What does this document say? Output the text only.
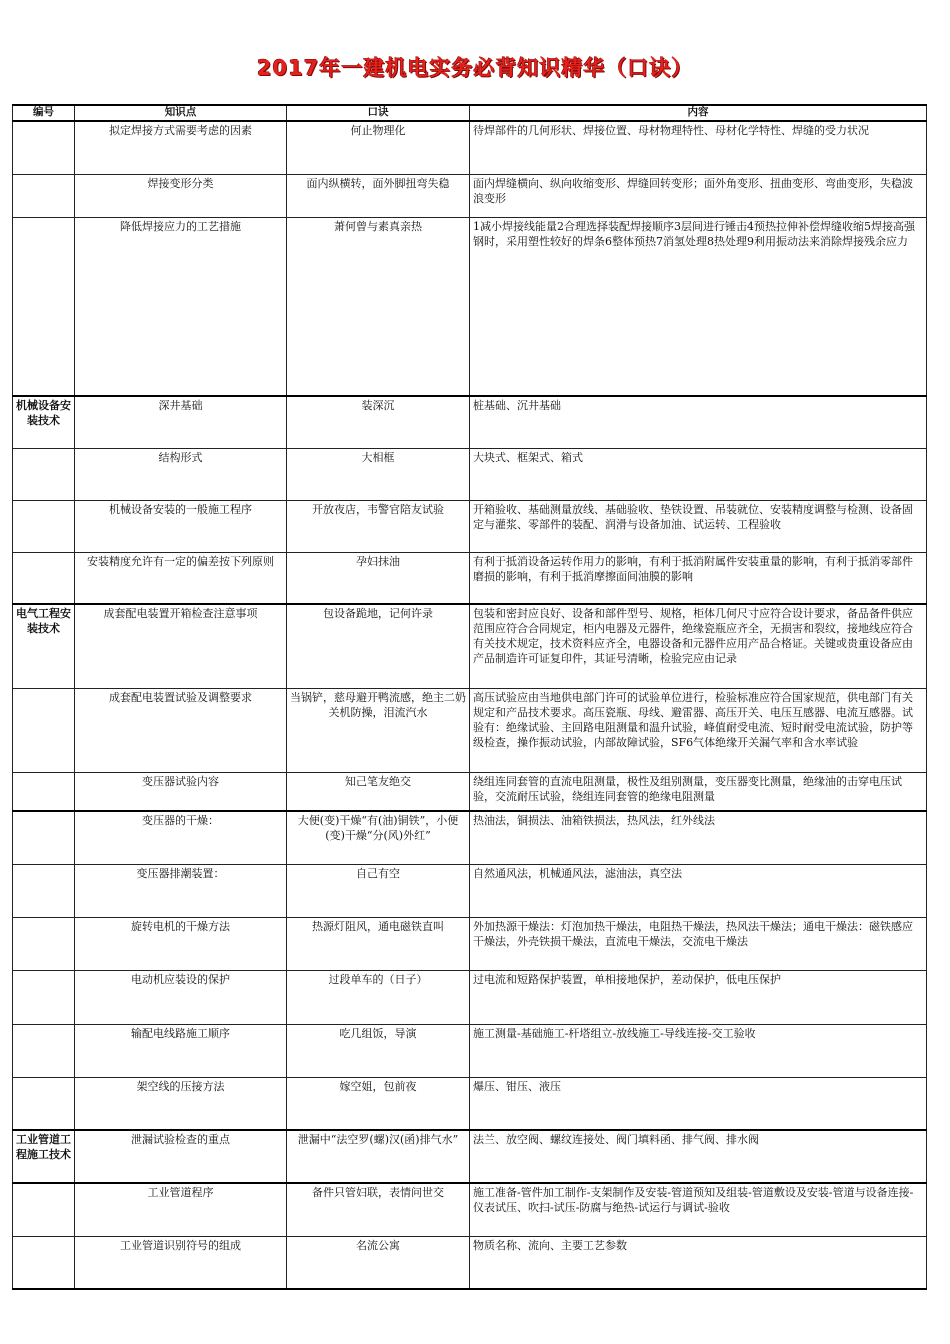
2017年一建机电实务必背知识精华（口诀）
编号	知识点	口诀	内容
	拟定焊接方式需要考虑的因素	何止物理化	待焊部件的几何形状、焊接位置、母材物理特性、母材化学特性、焊缝的受力状况
	焊接变形分类	面内纵横转，面外脚扭弯失稳	面内焊缝横向、纵向收缩变形、焊缝回转变形；面外角变形、扭曲变形、弯曲变形，失稳波浪变形
	降低焊接应力的工艺措施	萧何曾与素真亲热	1减小焊接线能量2合理选择装配焊接顺序3层间进行锤击4预热拉伸补偿焊缝收缩5焊接高强钢时，采用塑性较好的焊条6整体预热7消氢处理8热处理9利用振动法来消除焊接残余应力
机械设备安装技术	深井基础	装深沉	桩基础、沉井基础
	结构形式	大相框	大块式、框架式、箱式
	机械设备安装的一般施工程序	开放夜店，韦警官陪友试验	开箱验收、基础测量放线、基础验收、垫铁设置、吊装就位、安装精度调整与检测、设备固定与灌浆、零部件的装配、润滑与设备加油、试运转、工程验收
	安装精度允许有一定的偏差按下列原则	孕妇抹油	有利于抵消设备运转作用力的影响，有利于抵消附属件安装重量的影响，有利于抵消零部件磨损的影响，有利于抵消摩擦面间油膜的影响
电气工程安装技术	成套配电装置开箱检查注意事项	包设备跪地，记何许录	包装和密封应良好、设备和部件型号、规格，柜体几何尺寸应符合设计要求，备品备件供应范围应符合合同规定，柜内电器及元器件，绝缘瓷瓶应齐全，无损害和裂纹，接地线应符合有关技术规定，技术资料应齐全，电器设备和元器件应用产品合格证。关键或贵重设备应由产品制造许可证复印件，其证号清晰，检验完应由记录
	成套配电装置试验及调整要求	当锅铲，慈母避开鸭流感，绝主二奶关机防操，泪流汽水	高压试验应由当地供电部门许可的试验单位进行，检验标准应符合国家规范，供电部门有关规定和产品技术要求。高压瓷瓶、母线、避雷器、高压开关、电压互感器、电流互感器。试验有：绝缘试验、主回路电阻测量和温升试验，峰值耐受电流、短时耐受电流试验，防护等级检查，操作振动试验，内部故障试验，SF6气体绝缘开关漏气率和含水率试验
	变压器试验内容	知己笔友绝交	绕组连同套管的直流电阻测量，极性及组别测量，变压器变比测量，绝缘油的击穿电压试验，交流耐压试验，绕组连同套管的绝缘电阻测量
	变压器的干燥：	大便(变)干燥“有(油)铜铁”，小便(变)干燥“分(风)外红”	热油法，铜损法、油箱铁损法，热风法，红外线法
	变压器排潮装置：	自己有空	自然通风法，机械通风法，滤油法，真空法
	旋转电机的干燥方法	热源灯阻风，通电磁铁直叫	外加热源干燥法：灯泡加热干燥法，电阻热干燥法，热风法干燥法；通电干燥法：磁铁感应干燥法，外壳铁损干燥法，直流电干燥法，交流电干燥法
	电动机应装设的保护	过段单车的（日子）	过电流和短路保护装置，单相接地保护，差动保护，低电压保护
	输配电线路施工顺序	吃几组饭，导演	施工测量-基础施工-杆塔组立-放线施工-导线连接-交工验收
	架空线的压接方法	嫁空姐，包前夜	爆压、钳压、液压
工业管道工程施工技术	泄漏试验检查的重点	泄漏中“法空罗(螺)汉(函)排气水”	法兰、放空阀、螺纹连接处、阀门填料函、排气阀、排水阀
	工业管道程序	备件只管妇联，表情问世交	施工准备-管件加工制作-支架制作及安装-管道预知及组装-管道敷设及安装-管道与设备连接-仪表试压、吹扫-试压-防腐与绝热-试运行与调试-验收
	工业管道识别符号的组成	名流公寓	物质名称、流向、主要工艺参数
